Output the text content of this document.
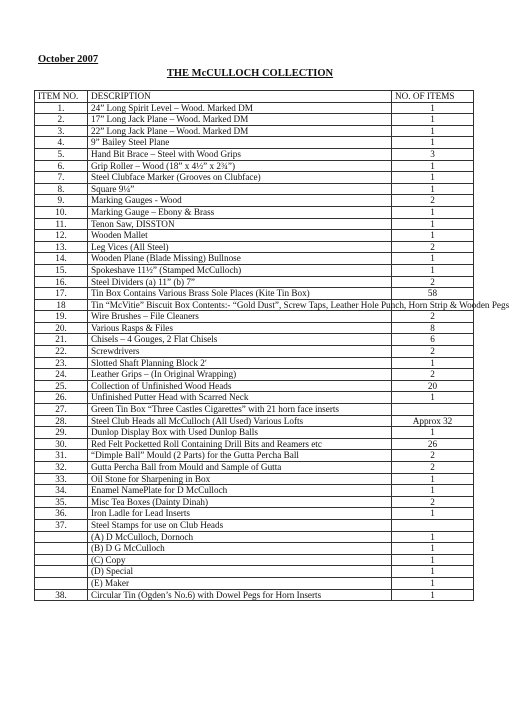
October 2007
THE McCULLOCH COLLECTION
ITEM NO.	DESCRIPTION	NO. OF ITEMS
1.	24” Long Spirit Level – Wood. Marked DM	1
2.	17” Long Jack Plane – Wood. Marked DM	1
3.	22” Long Jack Plane – Wood. Marked DM	1
4.	9” Bailey Steel Plane	1
5.	Hand Bit Brace – Steel with Wood Grips	3
6.	Grip Roller – Wood (18” x 4½” x 2¾”)	1
7.	Steel Clubface Marker (Grooves on Clubface)	1
8.	Square 9¼”	1
9.	Marking Gauges - Wood	2
10.	Marking Gauge – Ebony & Brass	1
11.	Tenon Saw, DISSTON	1
12.	Wooden Mallet	1
13.	Leg Vices (All Steel)	2
14.	Wooden Plane (Blade Missing) Bullnose	1
15.	Spokeshave 11½” (Stamped McCulloch)	1
16.	Steel Dividers (a) 11” (b) 7”	2
17.	Tin Box Contains Various Brass Sole Places (Kite Tin Box)	58
18	Tin “McVitie” Biscuit Box Contents:- “Gold Dust”, Screw Taps, Leather Hole Punch, Horn Strip & Wooden Pegs	
19.	Wire Brushes – File Cleaners	2
20.	Various Rasps & Files	8
21.	Chisels – 4 Gouges, 2 Flat Chisels	6
22.	Screwdrivers	2
23.	Slotted Shaft Planning Block 2ʹ	1
24.	Leather Grips – (In Original Wrapping)	2
25.	Collection of Unfinished Wood Heads	20
26.	Unfinished Putter Head with Scarred Neck	1
27.	Green Tin Box “Three Castles Cigarettes” with 21 horn face inserts	
28.	Steel Club Heads all McCulloch (All Used) Various Lofts	Approx 32
29.	Dunlop Display Box with Used Dunlop Balls	1
30.	Red Felt Pocketted Roll Containing Drill Bits and Reamers etc	26
31.	“Dimple Ball” Mould (2 Parts) for the Gutta Percha Ball	2
32.	Gutta Percha Ball from Mould and Sample of Gutta	2
33.	Oil Stone for Sharpening in Box	1
34.	Enamel NamePlate for D McCulloch	1
35.	Misc Tea Boxes (Dainty Dinah)	2
36.	Iron Ladle for Lead Inserts	1
37.	Steel Stamps for use on Club Heads	
	(A) D McCulloch, Dornoch	1
	(B) D G McCulloch	1
	(C) Copy	1
	(D) Special	1
	(E) Maker	1
38.	Circular Tin (Ogden’s No.6) with Dowel Pegs for Horn Inserts	1
